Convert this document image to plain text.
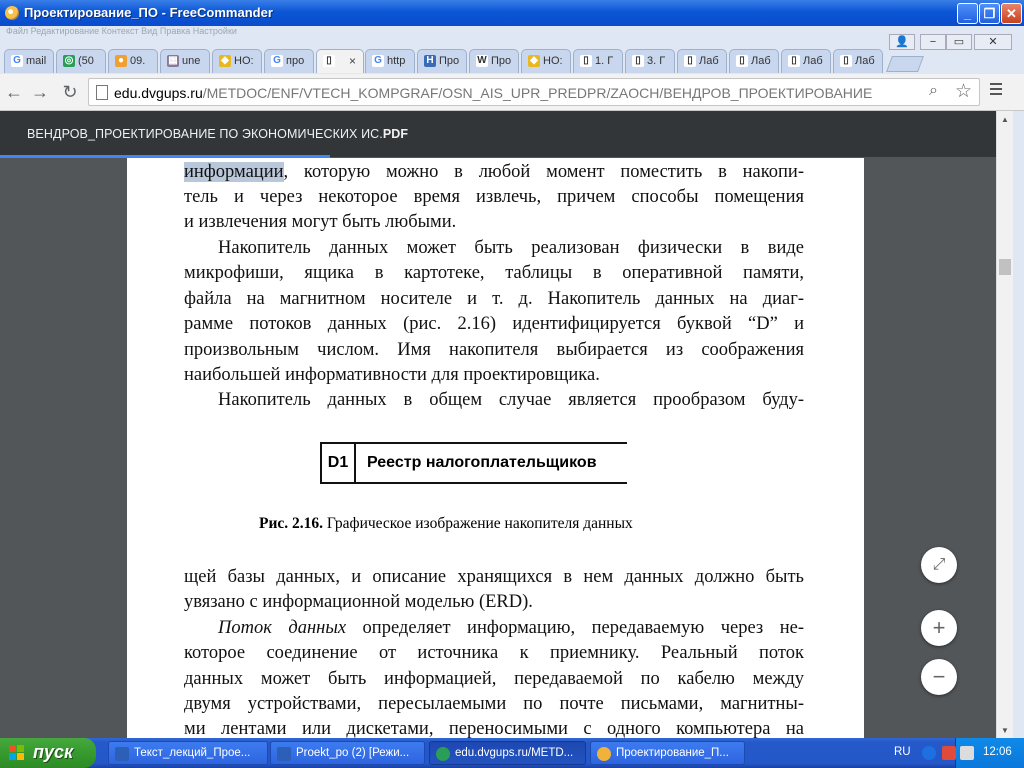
Проектирование_ПО - FreeCommander	_ ❐ ✕
Файл Редактирование Контекст Вид Правка Настройки
👤	−	▭	✕
G mail ◎ (50 ● 09. ▦ une ◆ НО: G про	▯ × G http H Про W Про ◆ НО:	▯ 1. Г	▯ 3. Г	▯ Лаб	▯ Лаб	▯ Лаб	▯ Лаб
← → ↻	edu.dvgups.ru/METDOC/ENF/VTECH_KOMPGRAF/OSN_AIS_UPR_PREDPR/ZAOCH/ВЕНДРОВ_ПРОЕКТИРОВАНИЕ	⌕ ☆
ВЕНДРОВ_ПРОЕКТИРОВАНИЕ ПО ЭКОНОМИЧЕСКИХ ИС.PDF
информации, которую можно в любой момент поместить в накопи-
тель и через некоторое время извлечь, причем способы помещения
и извлечения могут быть любыми.
Накопитель данных может быть реализован физически в виде
микрофиши, ящика в картотеке, таблицы в оперативной памяти,
файла на магнитном носителе и т. д. Накопитель данных на диаг-
рамме потоков данных (рис. 2.16) идентифицируется буквой “D” и
произвольным числом. Имя накопителя выбирается из соображения
наибольшей информативности для проектировщика.
Накопитель данных в общем случае является прообразом буду-
D1	Реестр налогоплательщиков
Рис. 2.16. Графическое изображение накопителя данных
щей базы данных, и описание хранящихся в нем данных должно быть
увязано с информационной моделью (ERD).
Поток данных определяет информацию, передаваемую через не-
которое соединение от источника к приемнику. Реальный поток
данных может быть информацией, передаваемой по кабелю между
двумя устройствами, пересылаемыми по почте письмами, магнитны-
ми лентами или дискетами, переносимыми с одного компьютера на
⤢
+
−
▲
▼
пуск	Текст_лекций_Прое...	Proekt_po (2) [Режи...	edu.dvgups.ru/METD...	Проектирование_П...	RU	12:06
